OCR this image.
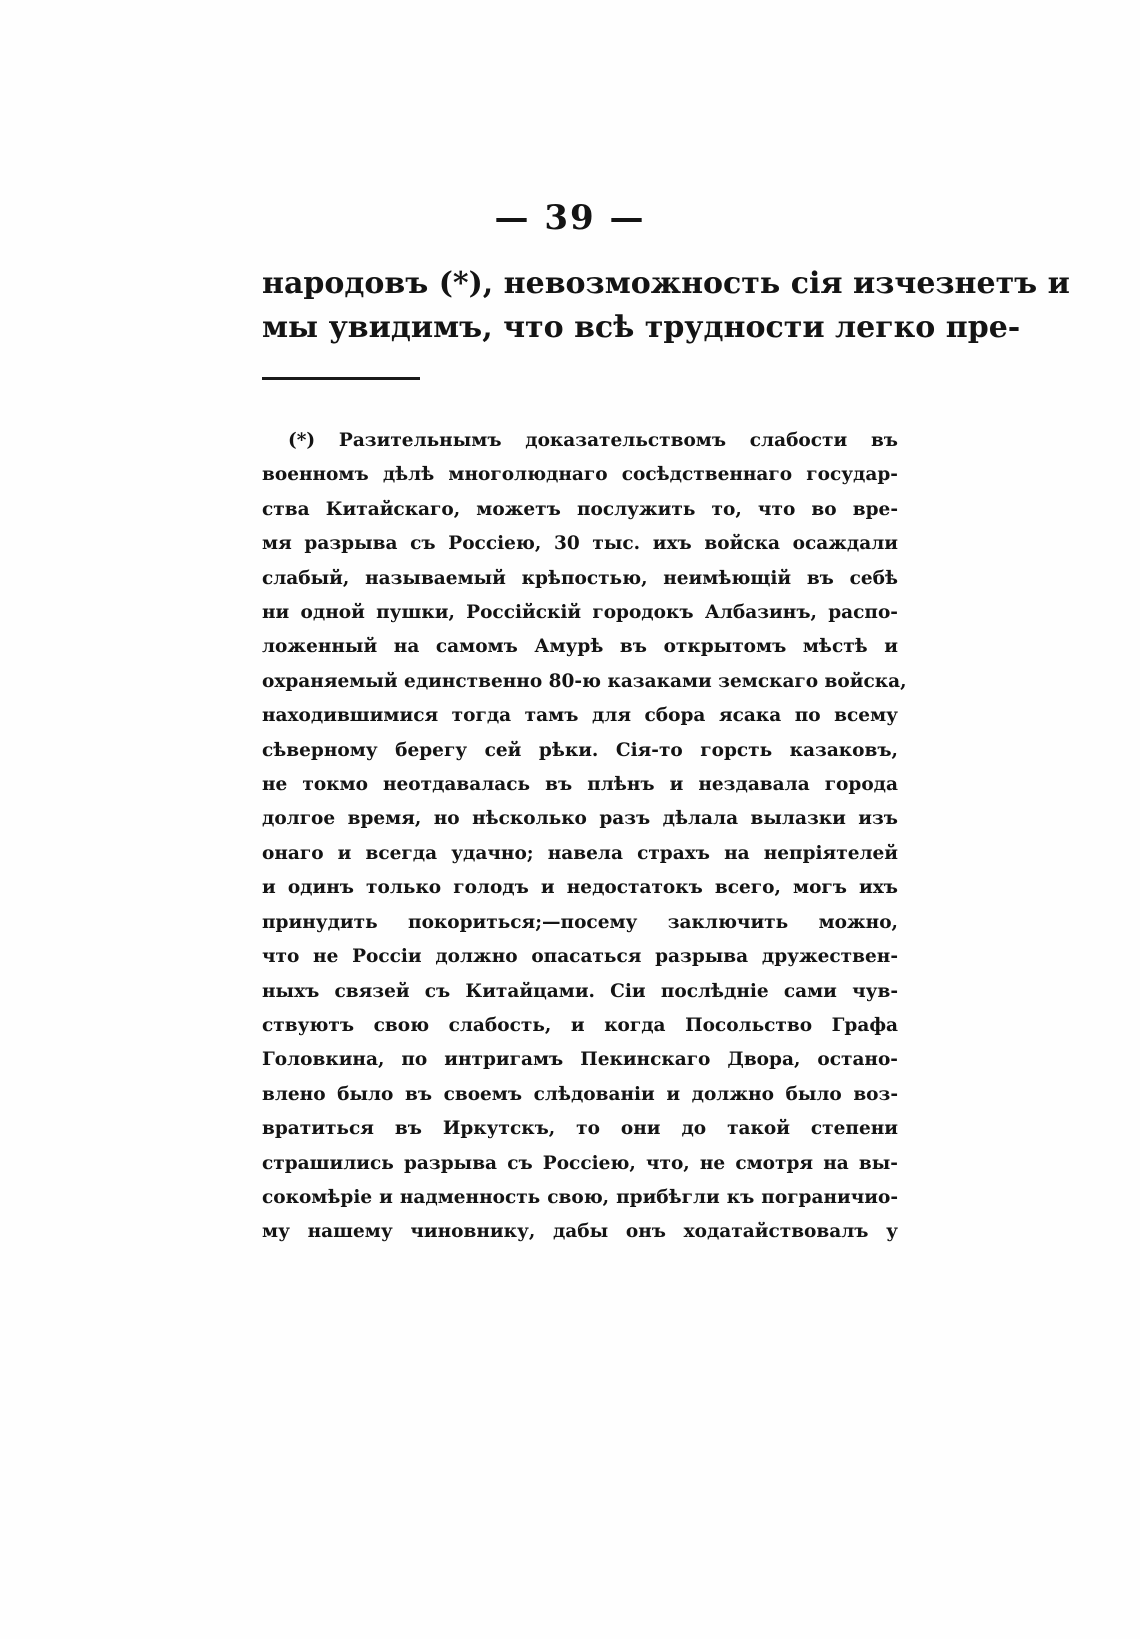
— 39 —
народовъ (*), невозможность сія изчезнетъ и
мы увидимъ, что всѣ трудности легко пре-
(*) Разительнымъ доказательствомъ слабости въ
военномъ дѣлѣ многолюднаго сосѣдственнаго государ-
ства Китайскаго, можетъ послужить то, что во вре-
мя разрыва съ Россіею, 30 тыс. ихъ войска осаждали
слабый, называемый крѣпостью, неимѣющій въ себѣ
ни одной пушки, Россійскій городокъ Албазинъ, распо-
ложенный на самомъ Амурѣ въ открытомъ мѣстѣ и
охраняемый единственно 80-ю казаками земскаго войска,
находившимися тогда тамъ для сбора ясака по всему
сѣверному берегу сей рѣки. Сія-то горсть казаковъ,
не токмо неотдавалась въ плѣнъ и нездавала города
долгое время, но нѣсколько разъ дѣлала вылазки изъ
онаго и всегда удачно; навела страхъ на непріятелей
и одинъ только голодъ и недостатокъ всего, могъ ихъ
принудить покориться;—посему заключить можно,
что не Россіи должно опасаться разрыва дружествен-
ныхъ связей съ Китайцами. Сіи послѣдніе сами чув-
ствуютъ свою слабость, и когда Посольство Графа
Головкина, по интригамъ Пекинскаго Двора, остано-
влено было въ своемъ слѣдованіи и должно было воз-
вратиться въ Иркутскъ, то они до такой степени
страшились разрыва съ Россіею, что, не смотря на вы-
сокомѣріе и надменность свою, прибѣгли къ пограничио-
му нашему чиновнику, дабы онъ ходатайствовалъ у
